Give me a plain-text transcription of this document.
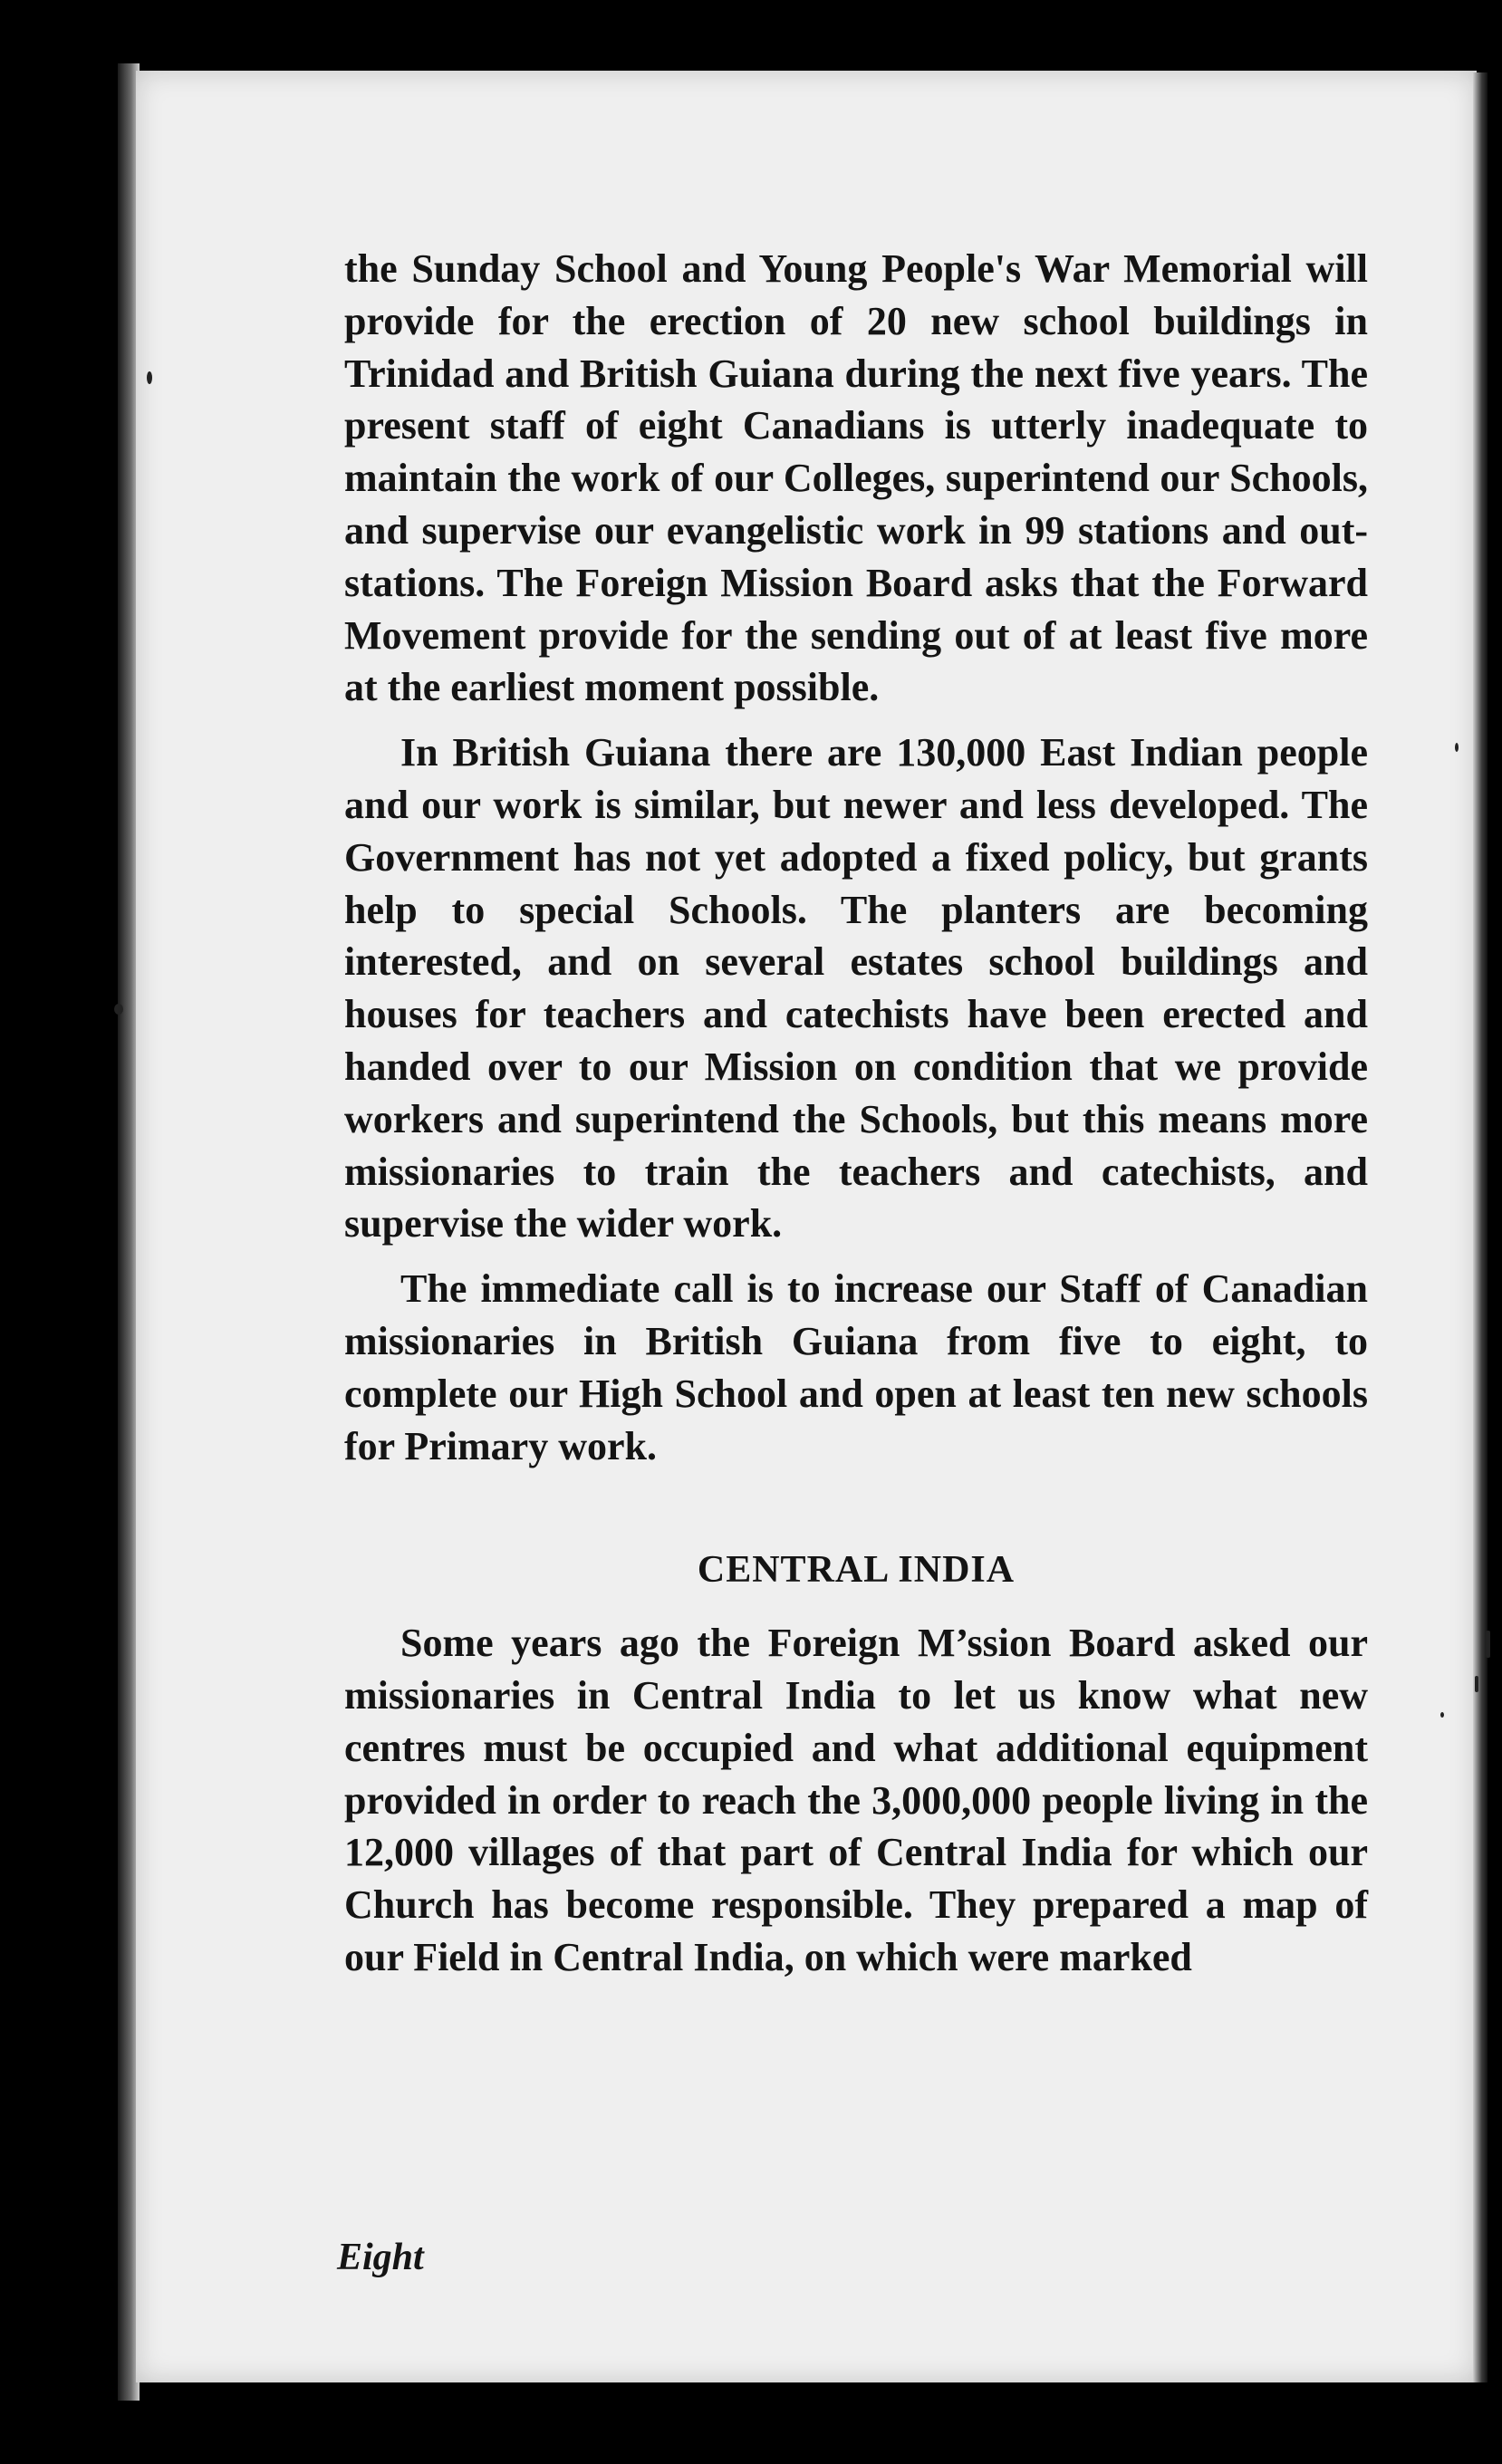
the Sunday School and Young People's War Memorial will provide for the erection of 20 new school buildings in Trinidad and British Guiana during the next five years. The present staff of eight Canadians is utterly inadequate to maintain the work of our Colleges, superintend our Schools, and supervise our evangelistic work in 99 stations and outstations. The Foreign Mission Board asks that the Forward Movement provide for the sending out of at least five more at the earliest moment possible.

In British Guiana there are 130,000 East Indian people and our work is similar, but newer and less developed. The Government has not yet adopted a fixed policy, but grants help to special Schools. The planters are becoming interested, and on several estates school buildings and houses for teachers and catechists have been erected and handed over to our Mission on condition that we provide workers and superintend the Schools, but this means more missionaries to train the teachers and catechists, and supervise the wider work.

The immediate call is to increase our Staff of Canadian missionaries in British Guiana from five to eight, to complete our High School and open at least ten new schools for Primary work.

CENTRAL INDIA

Some years ago the Foreign M’ssion Board asked our missionaries in Central India to let us know what new centres must be occupied and what additional equipment provided in order to reach the 3,000,000 people living in the 12,000 villages of that part of Central India for which our Church has become responsible. They prepared a map of our Field in Central India, on which were marked

Eight
